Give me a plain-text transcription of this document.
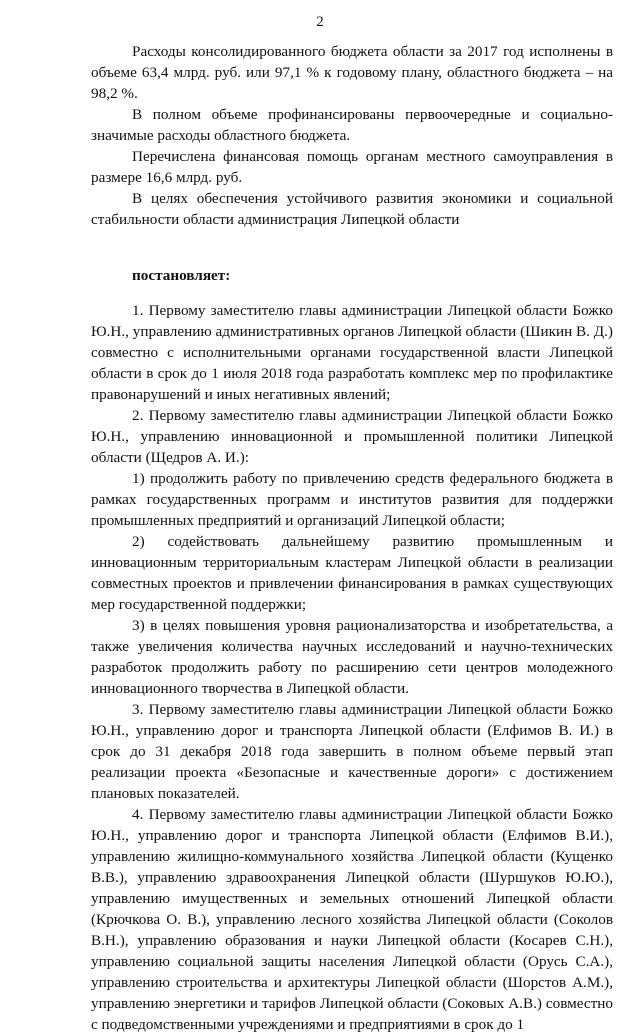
2

Расходы консолидированного бюджета области за 2017 год исполнены в объеме 63,4 млрд. руб. или 97,1 % к годовому плану, областного бюджета – на 98,2 %.

В полном объеме профинансированы первоочередные и социально-значимые расходы областного бюджета.

Перечислена финансовая помощь органам местного самоуправления в размере 16,6 млрд. руб.

В целях обеспечения устойчивого развития экономики и социальной стабильности области администрация Липецкой области

постановляет:

1. Первому заместителю главы администрации Липецкой области Божко Ю.Н., управлению административных органов Липецкой области (Шикин В. Д.) совместно с исполнительными органами государственной власти Липецкой области в срок до 1 июля 2018 года разработать комплекс мер по профилактике правонарушений и иных негативных явлений;

2. Первому заместителю главы администрации Липецкой области Божко Ю.Н., управлению инновационной и промышленной политики Липецкой области (Щедров А. И.):

1) продолжить работу по привлечению средств федерального бюджета в рамках государственных программ и институтов развития для поддержки промышленных предприятий и организаций Липецкой области;

2) содействовать дальнейшему развитию промышленным и инновационным территориальным кластерам Липецкой области в реализации совместных проектов и привлечении финансирования в рамках существующих мер государственной поддержки;

3) в целях повышения уровня рационализаторства и изобретательства, а также увеличения количества научных исследований и научно-технических разработок продолжить работу по расширению сети центров молодежного инновационного творчества в Липецкой области.

3. Первому заместителю главы администрации Липецкой области Божко Ю.Н., управлению дорог и транспорта Липецкой области (Елфимов В. И.) в срок до 31 декабря 2018 года завершить в полном объеме первый этап реализации проекта «Безопасные и качественные дороги» с достижением плановых показателей.

4. Первому заместителю главы администрации Липецкой области Божко Ю.Н., управлению дорог и транспорта Липецкой области (Елфимов В.И.), управлению жилищно-коммунального хозяйства Липецкой области (Кущенко В.В.), управлению здравоохранения Липецкой области (Шуршуков Ю.Ю.), управлению имущественных и земельных отношений Липецкой области (Крючкова О. В.), управлению лесного хозяйства Липецкой области (Соколов В.Н.), управлению образования и науки Липецкой области (Косарев С.Н.), управлению социальной защиты населения Липецкой области (Орусь С.А.), управлению строительства и архитектуры Липецкой области (Шорстов А.М.), управлению энергетики и тарифов Липецкой области (Соковых А.В.) совместно с подведомственными учреждениями и предприятиями в срок до 1
